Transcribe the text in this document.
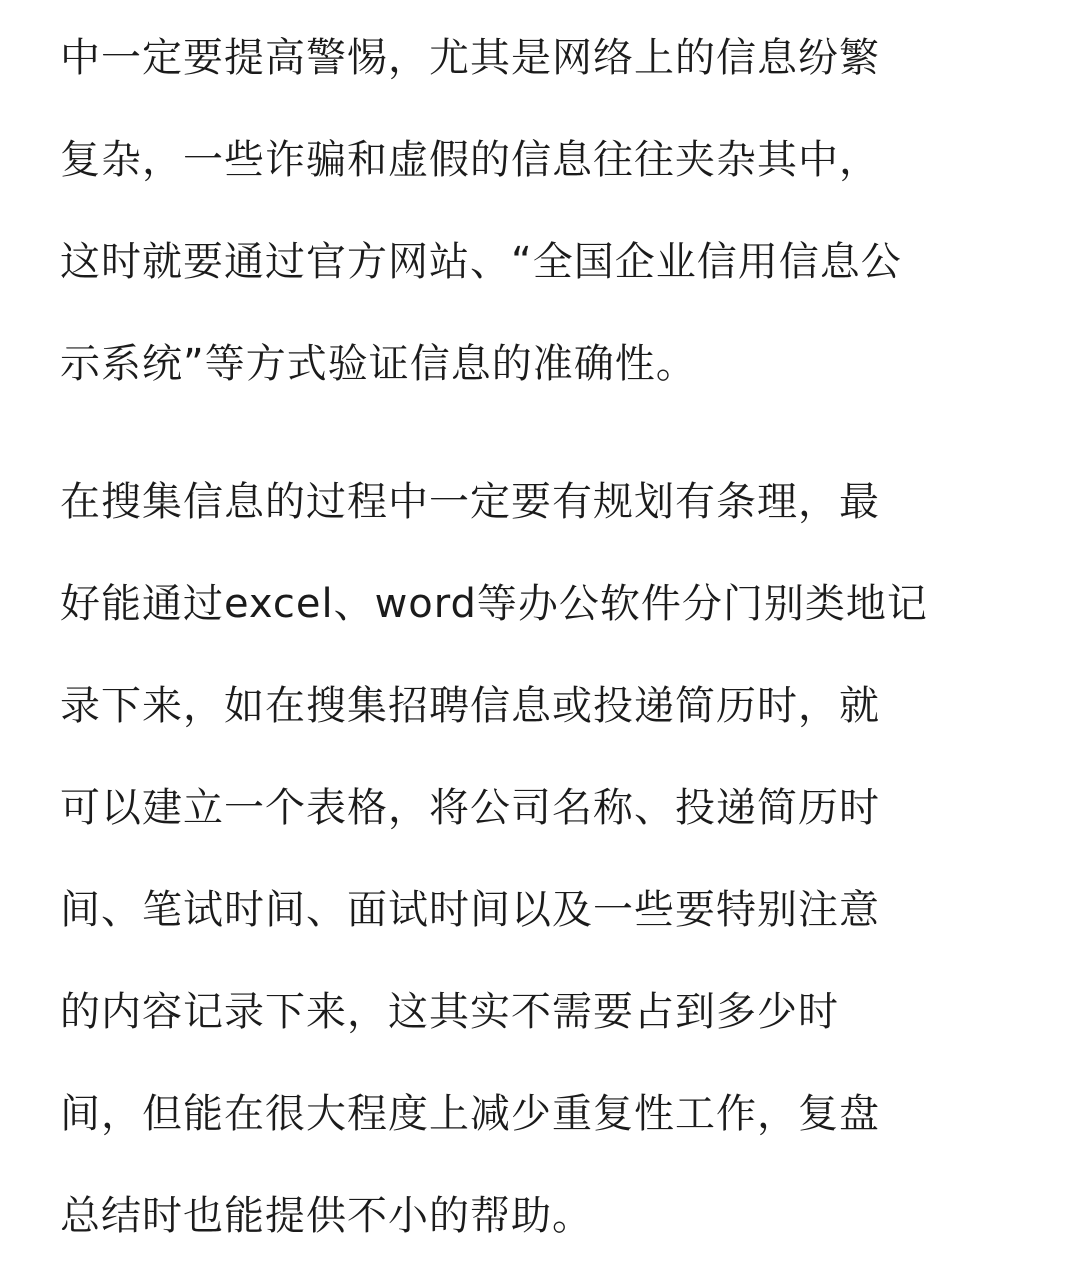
中一定要提高警惕，尤其是网络上的信息纷繁
复杂，一些诈骗和虚假的信息往往夹杂其中，
这时就要通过官方网站、“全国企业信用信息公
示系统”等方式验证信息的准确性。

在搜集信息的过程中一定要有规划有条理，最
好能通过excel、word等办公软件分门别类地记
录下来，如在搜集招聘信息或投递简历时，就
可以建立一个表格，将公司名称、投递简历时
间、笔试时间、面试时间以及一些要特别注意
的内容记录下来，这其实不需要占到多少时
间，但能在很大程度上减少重复性工作，复盘
总结时也能提供不小的帮助。
